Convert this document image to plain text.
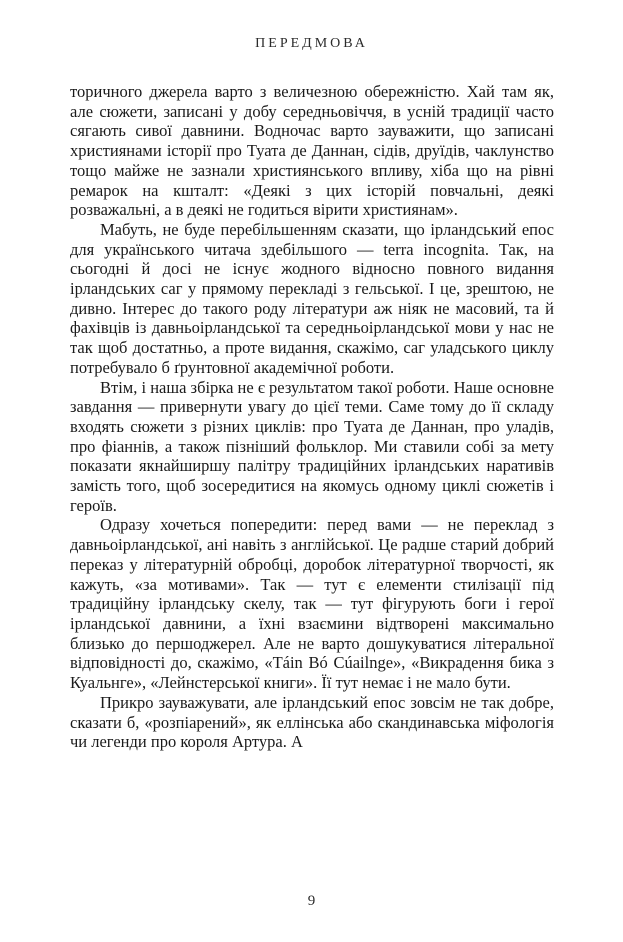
ПЕРЕДМОВА

торичного джерела варто з величезною обережністю. Хай там як, але сюжети, записані у добу середньовіччя, в усній традиції часто сягають сивої давнини. Водночас варто зауважити, що записані християнами історії про Туата де Даннан, сідів, друїдів, чаклунство тощо майже не зазнали християнського впливу, хіба що на рівні ремарок на кшталт: «Деякі з цих історій повчальні, деякі розважальні, а в деякі не годиться вірити християнам».

Мабуть, не буде перебільшенням сказати, що ірландський епос для українського читача здебільшого — terra incognita. Так, на сьогодні й досі не існує жодного відносно повного видання ірландських саг у прямому перекладі з гельської. І це, зрештою, не дивно. Інтерес до такого роду літератури аж ніяк не масовий, та й фахівців із давньоірландської та середньоірландської мови у нас не так щоб достатньо, а проте видання, скажімо, саг уладського циклу потребувало б ґрунтовної академічної роботи.

Втім, і наша збірка не є результатом такої роботи. Наше основне завдання — привернути увагу до цієї теми. Саме тому до її складу входять сюжети з різних циклів: про Туата де Даннан, про уладів, про фіаннів, а також пізніший фольклор. Ми ставили собі за мету показати якнайширшу палітру традиційних ірландських наративів замість того, щоб зосередитися на якомусь одному циклі сюжетів і героїв.

Одразу хочеться попередити: перед вами — не переклад з давньоірландської, ані навіть з англійської. Це радше старий добрий переказ у літературній обробці, доробок літературної творчості, як кажуть, «за мотивами». Так — тут є елементи стилізації під традиційну ірландську скелу, так — тут фігурують боги і герої ірландської давнини, а їхні взаємини відтворені максимально близько до першоджерел. Але не варто дошукуватися літеральної відповідності до, скажімо, «Táin Bó Cúailnge», «Викрадення бика з Куальнге», «Лейнстерської книги». Її тут немає і не мало бути.

Прикро зауважувати, але ірландський епос зовсім не так добре, сказати б, «розпіарений», як еллінська або скандинавська міфологія чи легенди про короля Артура. А

9
